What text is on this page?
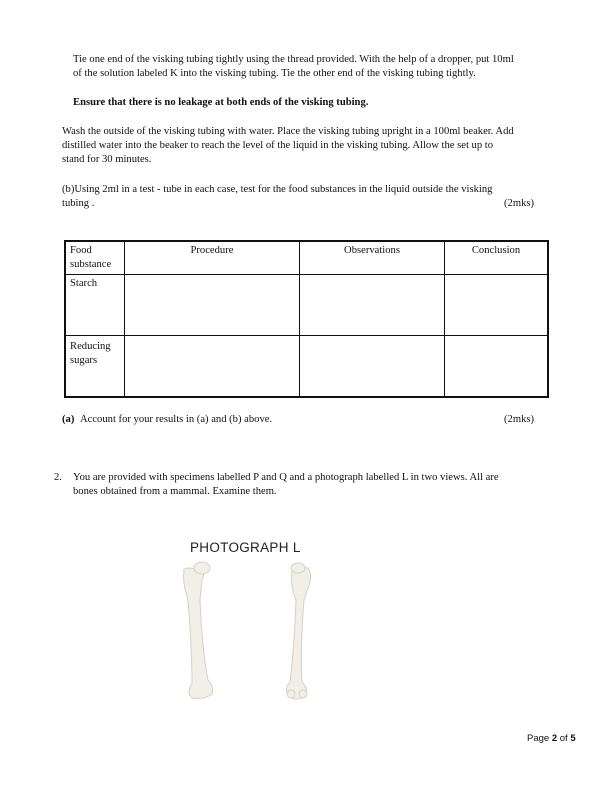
Tie one end of the visking tubing tightly using the thread provided. With the help of a dropper, put 10ml

of the solution labeled K into the visking tubing. Tie the other end of the visking tubing tightly.

Ensure that there is no leakage at both ends of the visking tubing.

Wash the outside of the visking tubing with water. Place the visking tubing upright in a 100ml beaker. Add

distilled water into the beaker to reach the level of the liquid in the visking tubing. Allow the set up to

stand for 30 minutes.

(b)Using 2ml in a test - tube in each case, test for the food substances in the liquid outside the visking

tubing .	(2mks)

Food substance	Procedure	Observations	Conclusion
Starch			
Reducing sugars			

(a) Account for your results in (a) and (b) above.	(2mks)

2. You are provided with specimens labelled P and Q and a photograph labelled L in two views. All are

bones obtained from a mammal. Examine them.

PHOTOGRAPH L
Page 2 of 5
